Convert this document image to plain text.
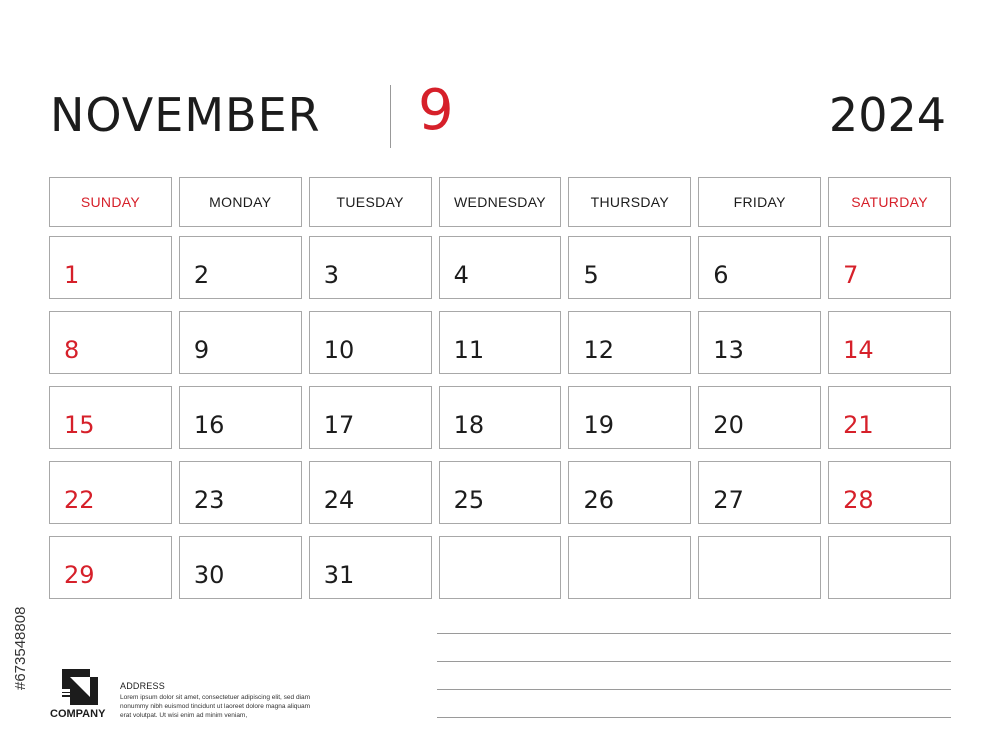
NOVEMBER 9	2024
SUNDAY	MONDAY	TUESDAY	WEDNESDAY	THURSDAY	FRIDAY	SATURDAY
1	2	3	4	5	6	7
8	9	10	11	12	13	14
15	16	17	18	19	20	21
22	23	24	25	26	27	28
29	30	31
COMPANY
ADDRESS
Lorem ipsum dolor sit amet, consectetuer adipiscing elit, sed diam nonummy nibh euismod tincidunt ut laoreet dolore magna aliquam erat volutpat. Ut wisi enim ad minim veniam,
#673548808
